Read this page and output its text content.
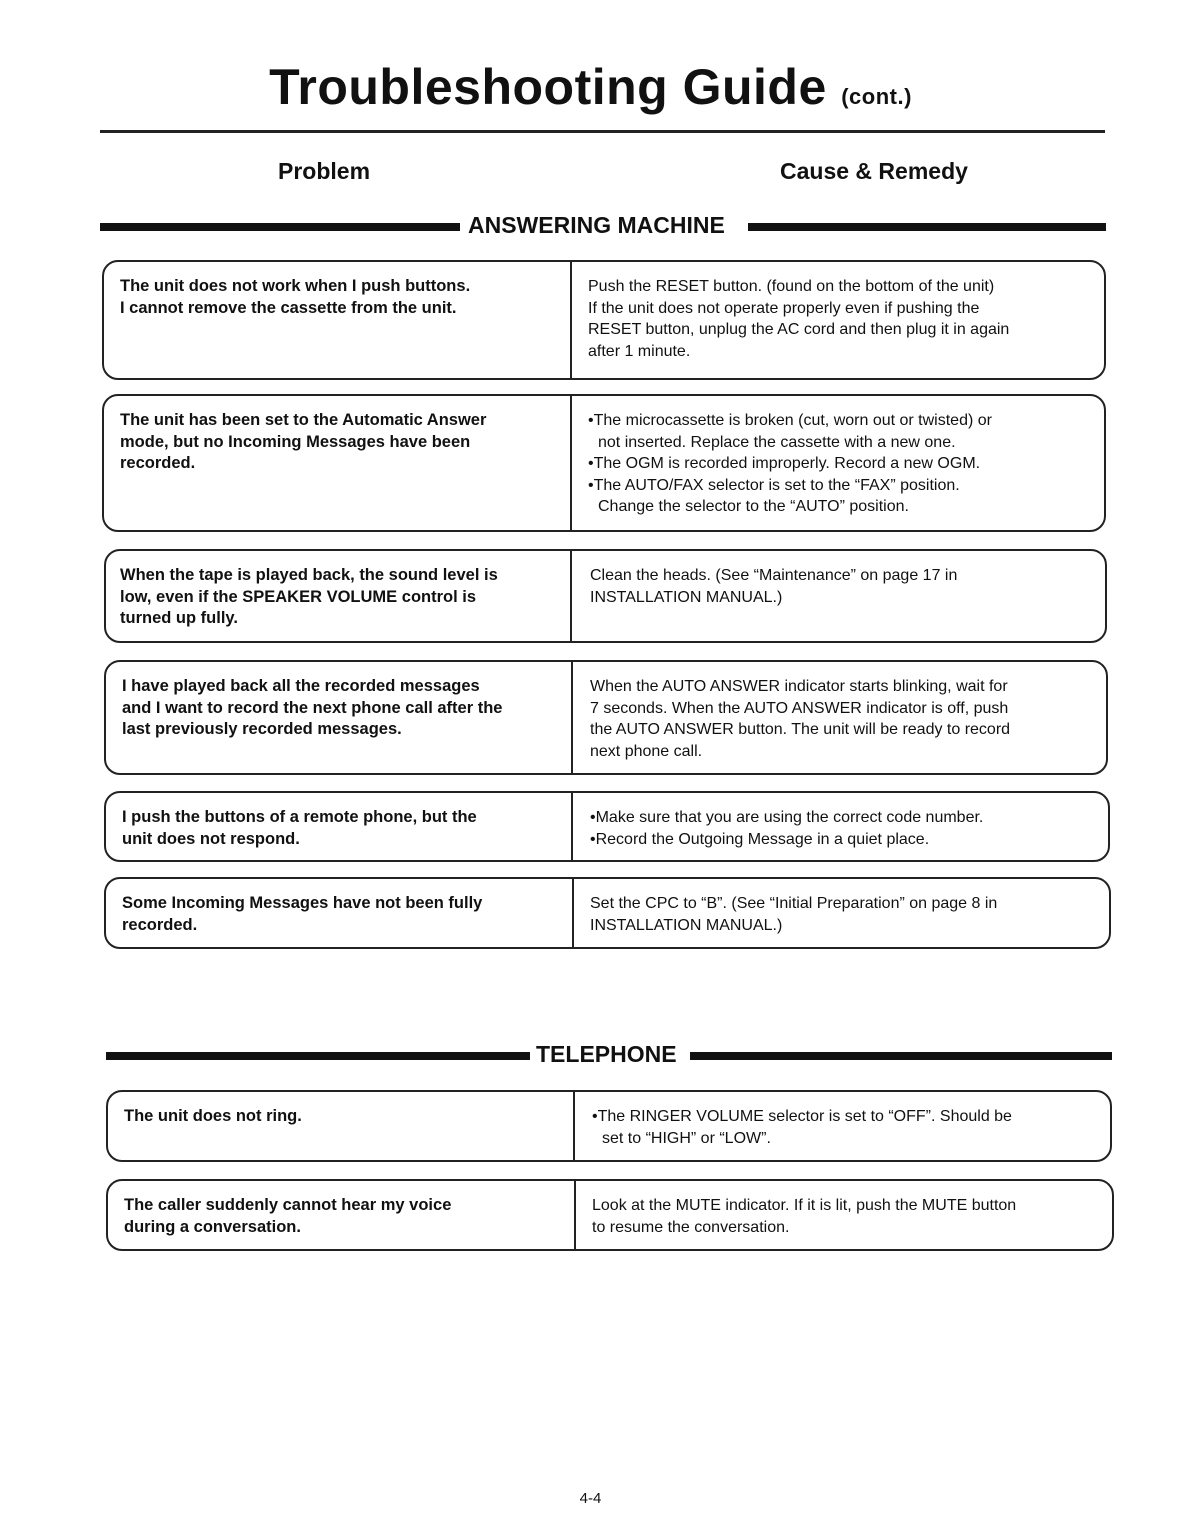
Troubleshooting Guide (cont.)
Problem	Cause & Remedy
ANSWERING MACHINE
The unit does not work when I push buttons.
I cannot remove the cassette from the unit.
Push the RESET button. (found on the bottom of the unit)
If the unit does not operate properly even if pushing the
RESET button, unplug the AC cord and then plug it in again
after 1 minute.
The unit has been set to the Automatic Answer
mode, but no Incoming Messages have been
recorded.
•The microcassette is broken (cut, worn out or twisted) or
not inserted. Replace the cassette with a new one.
•The OGM is recorded improperly. Record a new OGM.
•The AUTO/FAX selector is set to the “FAX” position.
Change the selector to the “AUTO” position.
When the tape is played back, the sound level is
low, even if the SPEAKER VOLUME control is
turned up fully.
Clean the heads. (See “Maintenance” on page 17 in
INSTALLATION MANUAL.)
I have played back all the recorded messages
and I want to record the next phone call after the
last previously recorded messages.
When the AUTO ANSWER indicator starts blinking, wait for
7 seconds. When the AUTO ANSWER indicator is off, push
the AUTO ANSWER button. The unit will be ready to record
next phone call.
I push the buttons of a remote phone, but the
unit does not respond.
•Make sure that you are using the correct code number.
•Record the Outgoing Message in a quiet place.
Some Incoming Messages have not been fully
recorded.
Set the CPC to “B”. (See “Initial Preparation” on page 8 in
INSTALLATION MANUAL.)
TELEPHONE
The unit does not ring.	•The RINGER VOLUME selector is set to “OFF”. Should be
set to “HIGH” or “LOW”.
The caller suddenly cannot hear my voice
during a conversation.
Look at the MUTE indicator. If it is lit, push the MUTE button
to resume the conversation.
4-4
